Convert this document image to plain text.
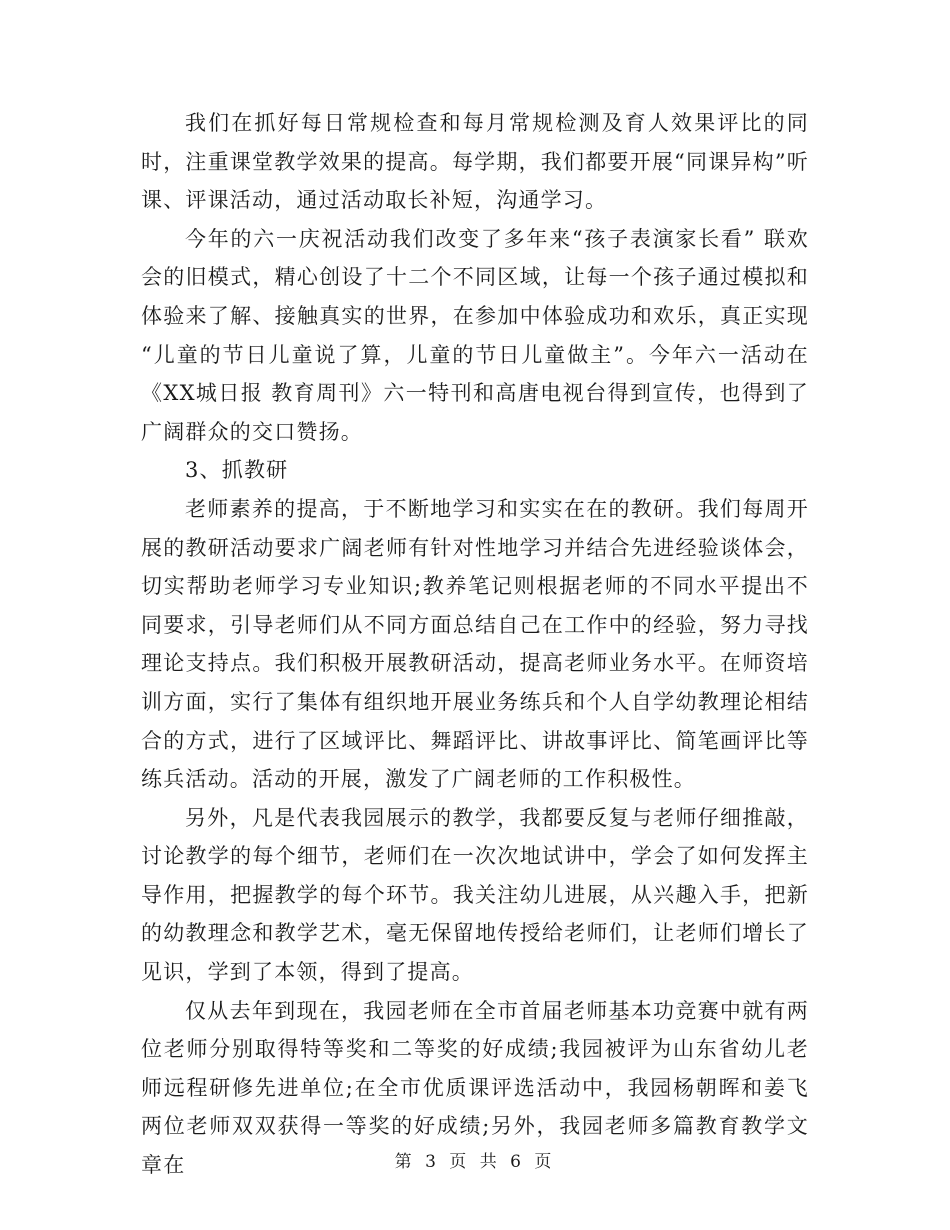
我们在抓好每日常规检查和每月常规检测及育人效果评比的同时，注重课堂教学效果的提高。每学期，我们都要开展“同课异构”听课、评课活动，通过活动取长补短，沟通学习。

今年的六一庆祝活动我们改变了多年来“孩子表演家长看” 联欢会的旧模式，精心创设了十二个不同区域，让每一个孩子通过模拟和体验来了解、接触真实的世界，在参加中体验成功和欢乐，真正实现 “儿童的节日儿童说了算，儿童的节日儿童做主”。今年六一活动在《XX城日报 教育周刊》六一特刊和高唐电视台得到宣传，也得到了广阔群众的交口赞扬。

3、抓教研

老师素养的提高，于不断地学习和实实在在的教研。我们每周开展的教研活动要求广阔老师有针对性地学习并结合先进经验谈体会，切实帮助老师学习专业知识;教养笔记则根据老师的不同水平提出不同要求，引导老师们从不同方面总结自己在工作中的经验，努力寻找理论支持点。我们积极开展教研活动，提高老师业务水平。在师资培训方面，实行了集体有组织地开展业务练兵和个人自学幼教理论相结合的方式，进行了区域评比、舞蹈评比、讲故事评比、简笔画评比等练兵活动。活动的开展，激发了广阔老师的工作积极性。

另外，凡是代表我园展示的教学，我都要反复与老师仔细推敲，讨论教学的每个细节，老师们在一次次地试讲中，学会了如何发挥主导作用，把握教学的每个环节。我关注幼儿进展，从兴趣入手，把新的幼教理念和教学艺术，毫无保留地传授给老师们，让老师们增长了见识，学到了本领，得到了提高。

仅从去年到现在，我园老师在全市首届老师基本功竞赛中就有两位老师分别取得特等奖和二等奖的好成绩;我园被评为山东省幼儿老师远程研修先进单位;在全市优质课评选活动中，我园杨朝晖和姜飞两位老师双双获得一等奖的好成绩;另外，我园老师多篇教育教学文章在	第 3 页 共 6 页
